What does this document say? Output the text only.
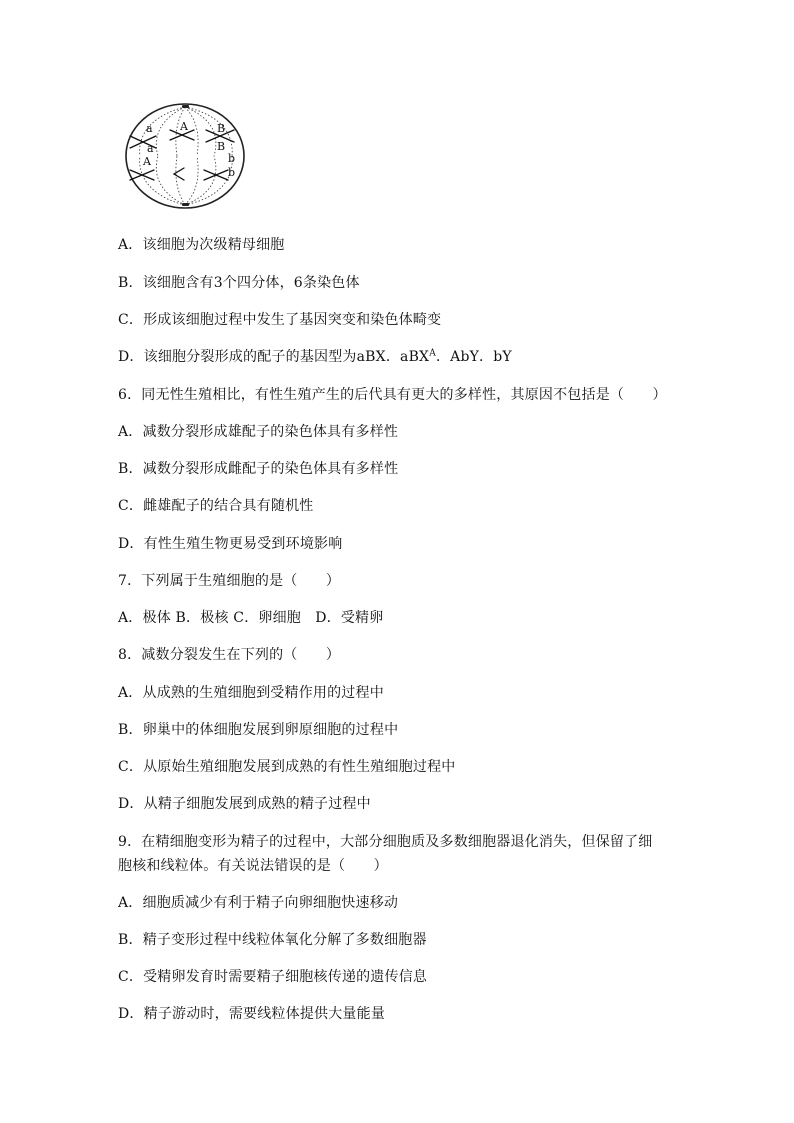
a
a
A
A	B
B
b
b
A．该细胞为次级精母细胞
B．该细胞含有3个四分体，6条染色体
C．形成该细胞过程中发生了基因突变和染色体畸变
D．该细胞分裂形成的配子的基因型为aBX．aBX$^A$．AbY．bY
6．同无性生殖相比，有性生殖产生的后代具有更大的多样性，其原因不包括是（　　）
A．减数分裂形成雄配子的染色体具有多样性
B．减数分裂形成雌配子的染色体具有多样性
C．雌雄配子的结合具有随机性
D．有性生殖生物更易受到环境影响
7．下列属于生殖细胞的是（　　）
A．极体 B．极核 C．卵细胞　D．受精卵
8．减数分裂发生在下列的（　　）
A．从成熟的生殖细胞到受精作用的过程中
B．卵巢中的体细胞发展到卵原细胞的过程中
C．从原始生殖细胞发展到成熟的有性生殖细胞过程中
D．从精子细胞发展到成熟的精子过程中
9．在精细胞变形为精子的过程中，大部分细胞质及多数细胞器退化消失，但保留了细
胞核和线粒体。有关说法错误的是（　　）
A．细胞质减少有利于精子向卵细胞快速移动
B．精子变形过程中线粒体氧化分解了多数细胞器
C．受精卵发育时需要精子细胞核传递的遗传信息
D．精子游动时，需要线粒体提供大量能量
